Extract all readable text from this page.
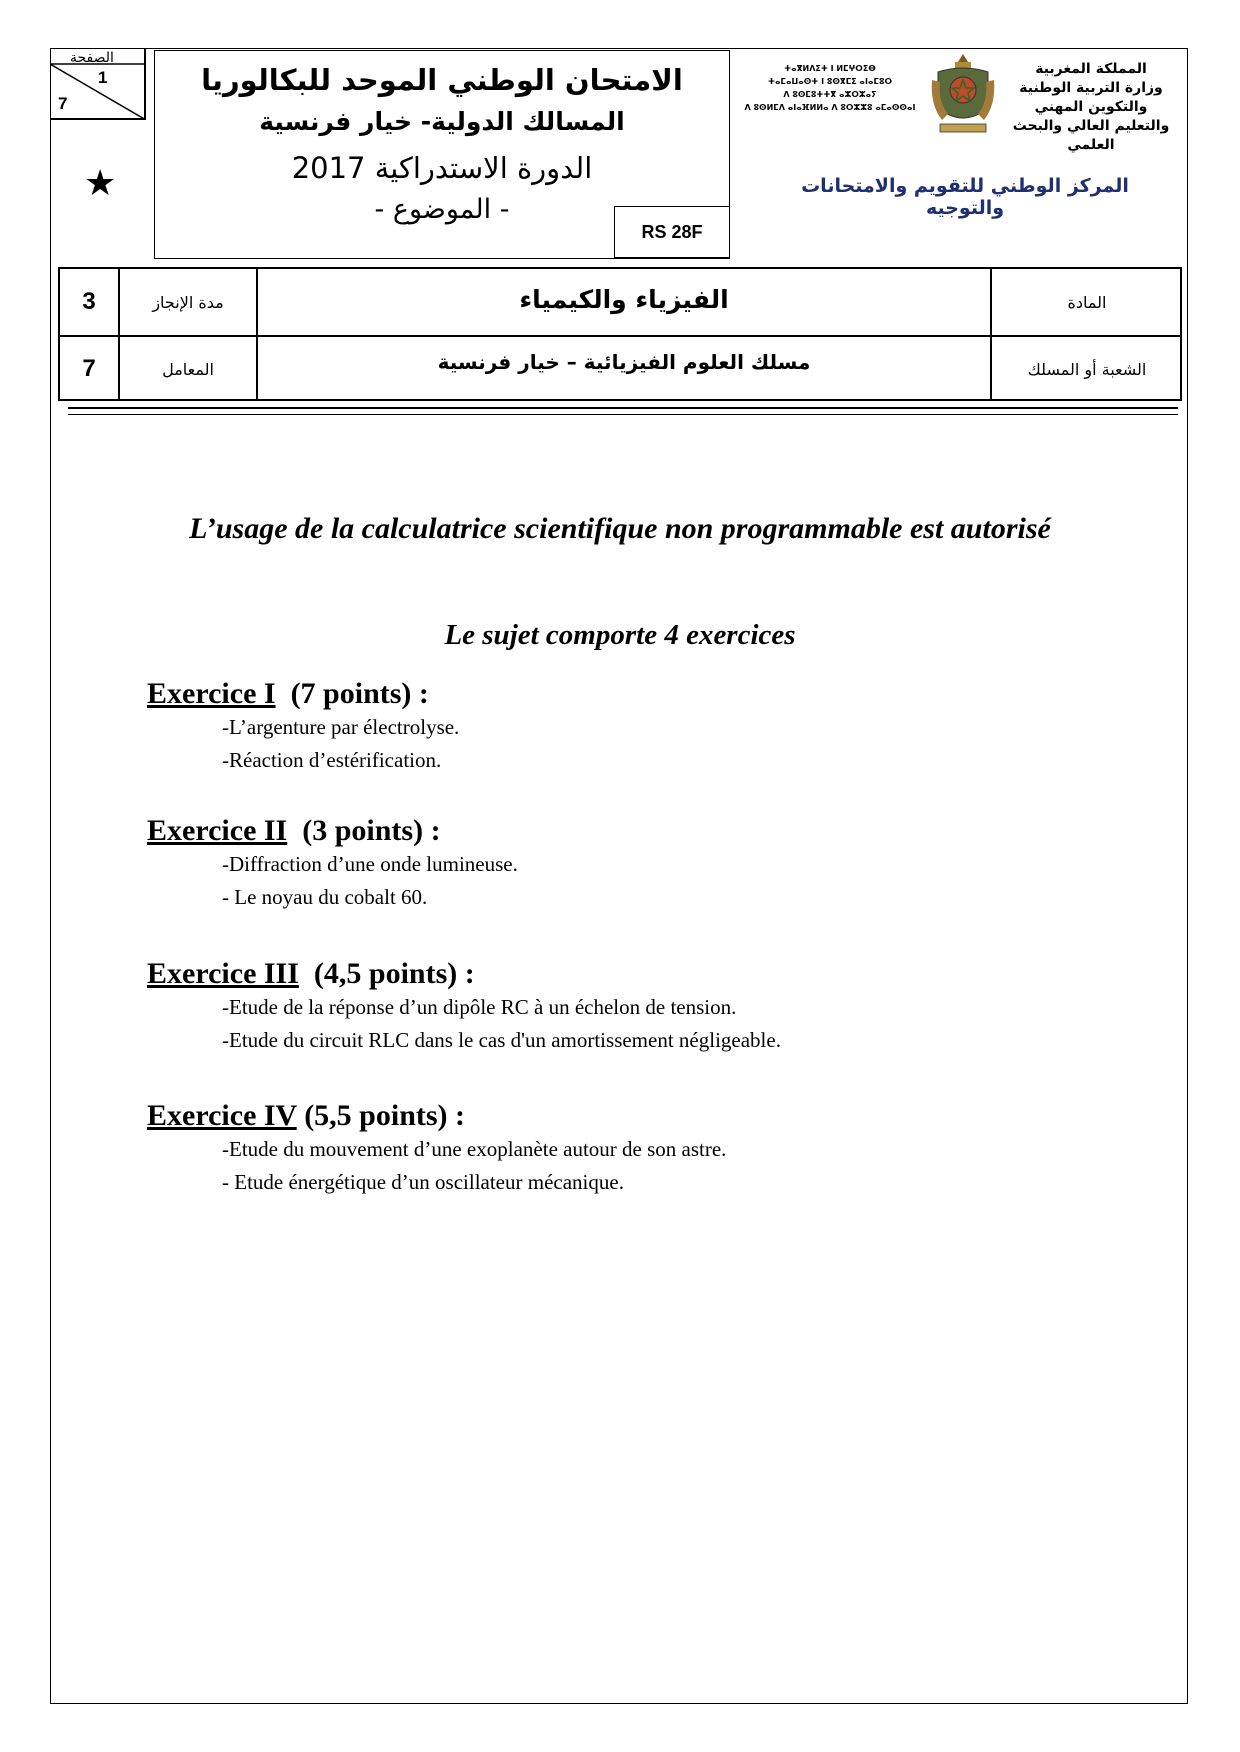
الصفحة
1
7
★
الامتحان الوطني الموحد للبكالوريا
المسالك الدولية- خيار فرنسية
الدورة الاستدراكية 2017
- الموضوع -
RS 28F
ⵜⴰⴳⵍⴷⵉⵜ ⵏ ⵍⵎⵖⵔⵉⴱ
ⵜⴰⵎⴰⵡⴰⵙⵜ ⵏ ⵓⵙⴳⵎⵉ ⴰⵏⴰⵎⵓⵔ
ⴷ ⵓⵙⵎⵓⵜⵜⴳ ⴰⵣⵔⵣⴰⵢ
ⴷ ⵓⵙⵍⵎⴷ ⴰⵏⴰⴼⵍⵍⴰ ⴷ ⵓⵔⵣⵣⵓ ⴰⵎⴰⵙⵙⴰⵏ
المملكة المغربية
وزارة التربية الوطنية
والتكوين المهني
والتعليم العالي والبحث العلمي
المركز الوطني للتقويم والامتحانات والتوجيه
3	مدة الإنجاز	الفيزياء والكيمياء	المادة
7	المعامل	مسلك العلوم الفيزيائية – خيار فرنسية	الشعبة أو المسلك
L’usage de la calculatrice scientifique non programmable est autorisé
Le sujet comporte 4 exercices
Exercice I (7 points) :
-L’argenture par électrolyse.
-Réaction d’estérification.
Exercice II (3 points) :
-Diffraction d’une onde lumineuse.
- Le noyau du cobalt 60.
Exercice III (4,5 points) :
-Etude de la réponse d’un dipôle RC à un échelon de tension.
-Etude du circuit RLC dans le cas d'un amortissement négligeable.
Exercice IV (5,5 points) :
-Etude du mouvement d’une exoplanète autour de son astre.
- Etude énergétique d’un oscillateur mécanique.
